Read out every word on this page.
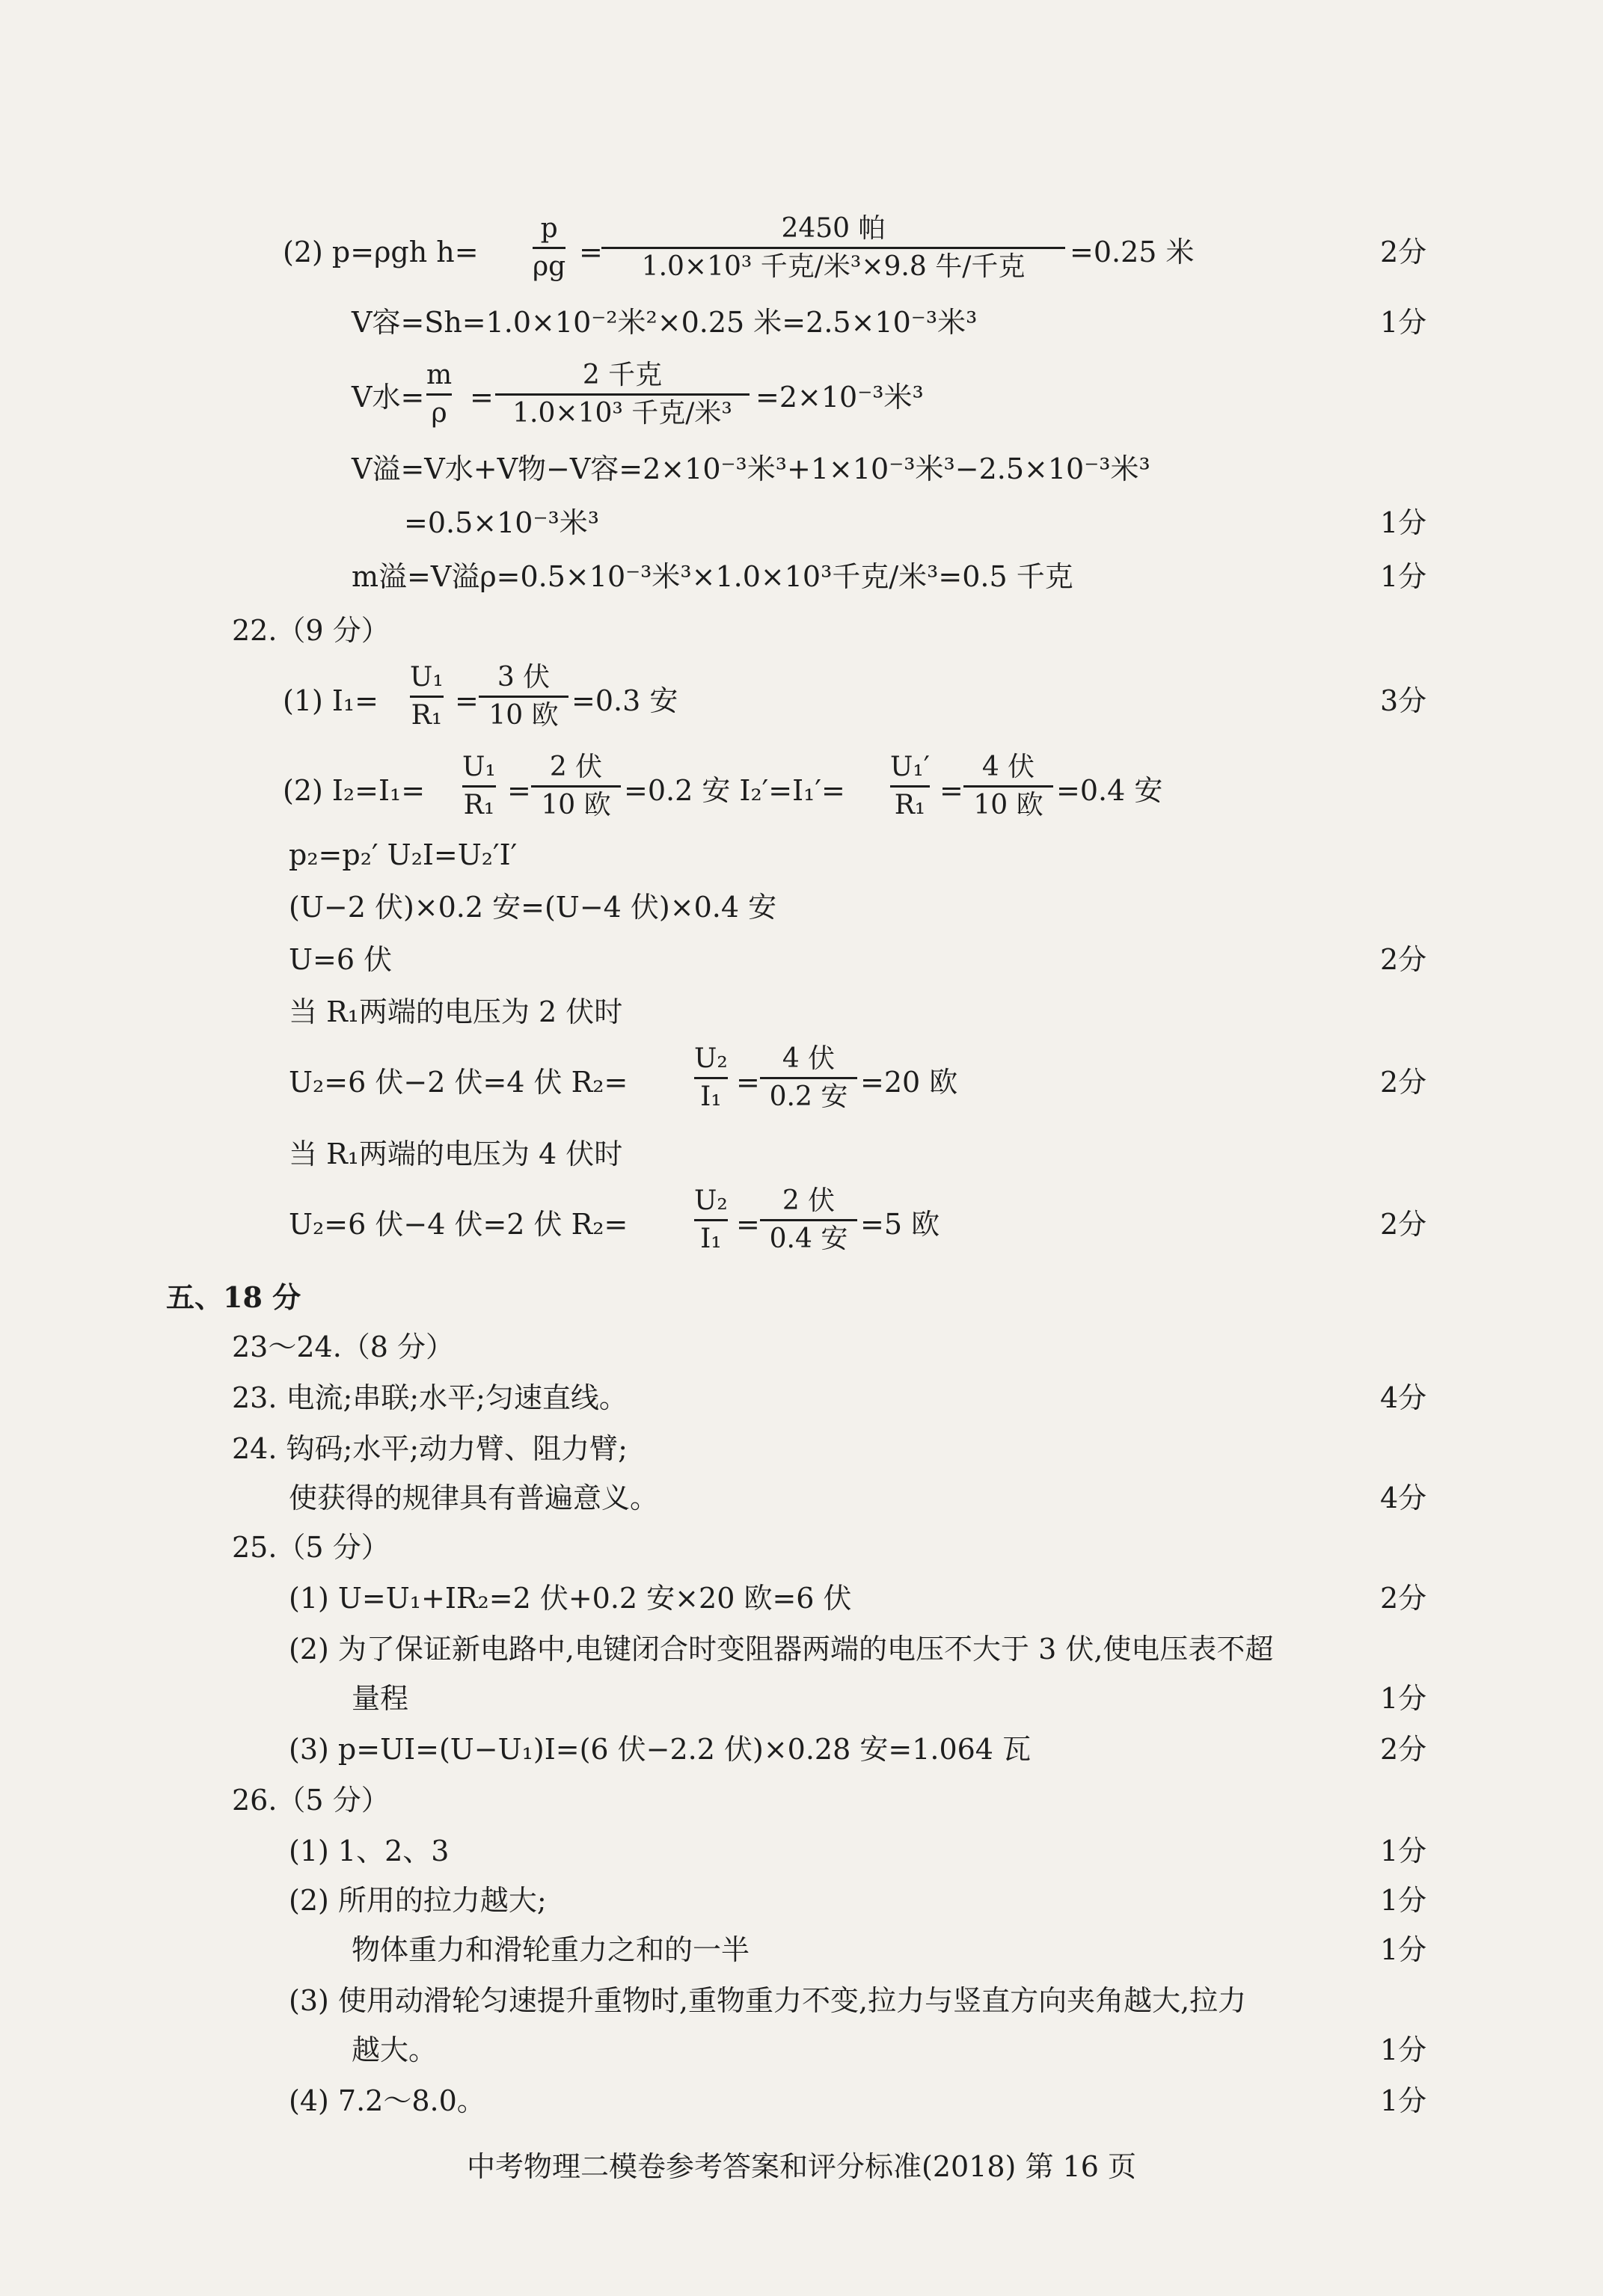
(2) p=ρgh h=
p
ρg =
2450 帕
1.0×10³ 千克/米³×9.8 牛/千克	=0.25 米	2分
V容=Sh=1.0×10⁻²米²×0.25 米=2.5×10⁻³米³	1分
V水=
m
ρ =
2 千克
1.0×10³ 千克/米³ =2×10⁻³米³
V溢=V水+V物−V容=2×10⁻³米³+1×10⁻³米³−2.5×10⁻³米³
=0.5×10⁻³米³	1分
m溢=V溢ρ=0.5×10⁻³米³×1.0×10³千克/米³=0.5 千克	1分
22.（9 分）
(1) I₁=
U₁
R₁ =
3 伏
10 欧 =0.3 安	3分
(2) I₂=I₁=
U₁
R₁ =
2 伏
10 欧 =0.2 安 I₂′=I₁′=
U₁′
R₁ =
4 伏
10 欧 =0.4 安
p₂=p₂′ U₂I=U₂′I′
(U−2 伏)×0.2 安=(U−4 伏)×0.4 安
U=6 伏	2分
当 R₁两端的电压为 2 伏时
U₂=6 伏−2 伏=4 伏 R₂=
U₂
I₁ =
4 伏
0.2 安 =20 欧	2分
当 R₁两端的电压为 4 伏时
U₂=6 伏−4 伏=2 伏 R₂=
U₂
I₁ =
2 伏
0.4 安 =5 欧	2分
五、18 分
23～24.（8 分）
23. 电流;串联;水平;匀速直线。	4分
24. 钩码;水平;动力臂、阻力臂;
使获得的规律具有普遍意义。	4分
25.（5 分）
(1) U=U₁+IR₂=2 伏+0.2 安×20 欧=6 伏	2分
(2) 为了保证新电路中,电键闭合时变阻器两端的电压不大于 3 伏,使电压表不超
量程	1分
(3) p=UI=(U−U₁)I=(6 伏−2.2 伏)×0.28 安=1.064 瓦	2分
26.（5 分）
(1) 1、2、3	1分
(2) 所用的拉力越大;	1分
物体重力和滑轮重力之和的一半	1分
(3) 使用动滑轮匀速提升重物时,重物重力不变,拉力与竖直方向夹角越大,拉力
越大。	1分
(4) 7.2～8.0。	1分
中考物理二模卷参考答案和评分标准(2018) 第 16 页
